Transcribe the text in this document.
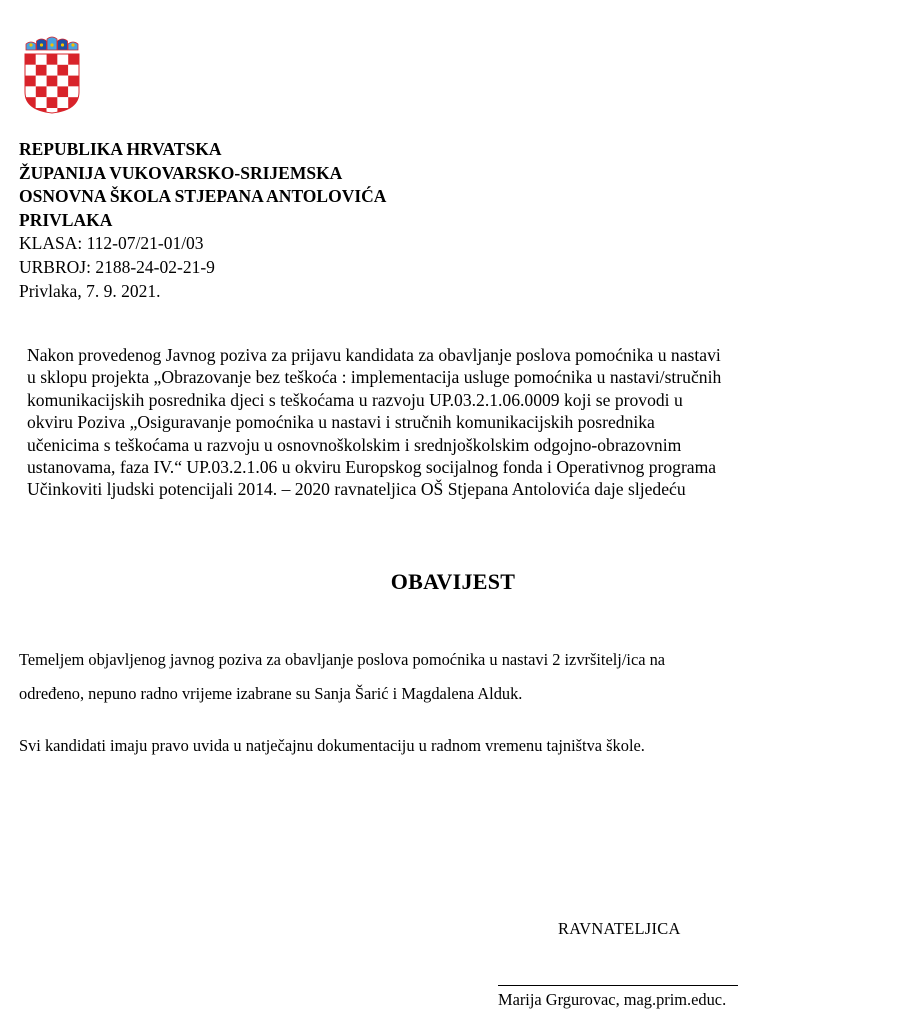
REPUBLIKA HRVATSKA
ŽUPANIJA VUKOVARSKO-SRIJEMSKA
OSNOVNA ŠKOLA STJEPANA ANTOLOVIĆA
PRIVLAKA
KLASA: 112-07/21-01/03
URBROJ: 2188-24-02-21-9
Privlaka, 7. 9. 2021.
Nakon provedenog Javnog poziva za prijavu kandidata za obavljanje poslova pomoćnika u nastavi
u sklopu projekta „Obrazovanje bez teškoća : implementacija usluge pomoćnika u nastavi/stručnih
komunikacijskih posrednika djeci s teškoćama u razvoju UP.03.2.1.06.0009 koji se provodi u
okviru Poziva „Osiguravanje pomoćnika u nastavi i stručnih komunikacijskih posrednika
učenicima s teškoćama u razvoju u osnovnoškolskim i srednjoškolskim odgojno-obrazovnim
ustanovama, faza IV.“ UP.03.2.1.06 u okviru Europskog socijalnog fonda i Operativnog programa
Učinkoviti ljudski potencijali 2014. – 2020 ravnateljica OŠ Stjepana Antolovića daje sljedeću
OBAVIJEST
Temeljem objavljenog javnog poziva za obavljanje poslova pomoćnika u nastavi 2 izvršitelj/ica na
određeno, nepuno radno vrijeme izabrane su Sanja Šarić i Magdalena Alduk.
Svi kandidati imaju pravo uvida u natječajnu dokumentaciju u radnom vremenu tajništva škole.
RAVNATELJICA
Marija Grgurovac, mag.prim.educ.
